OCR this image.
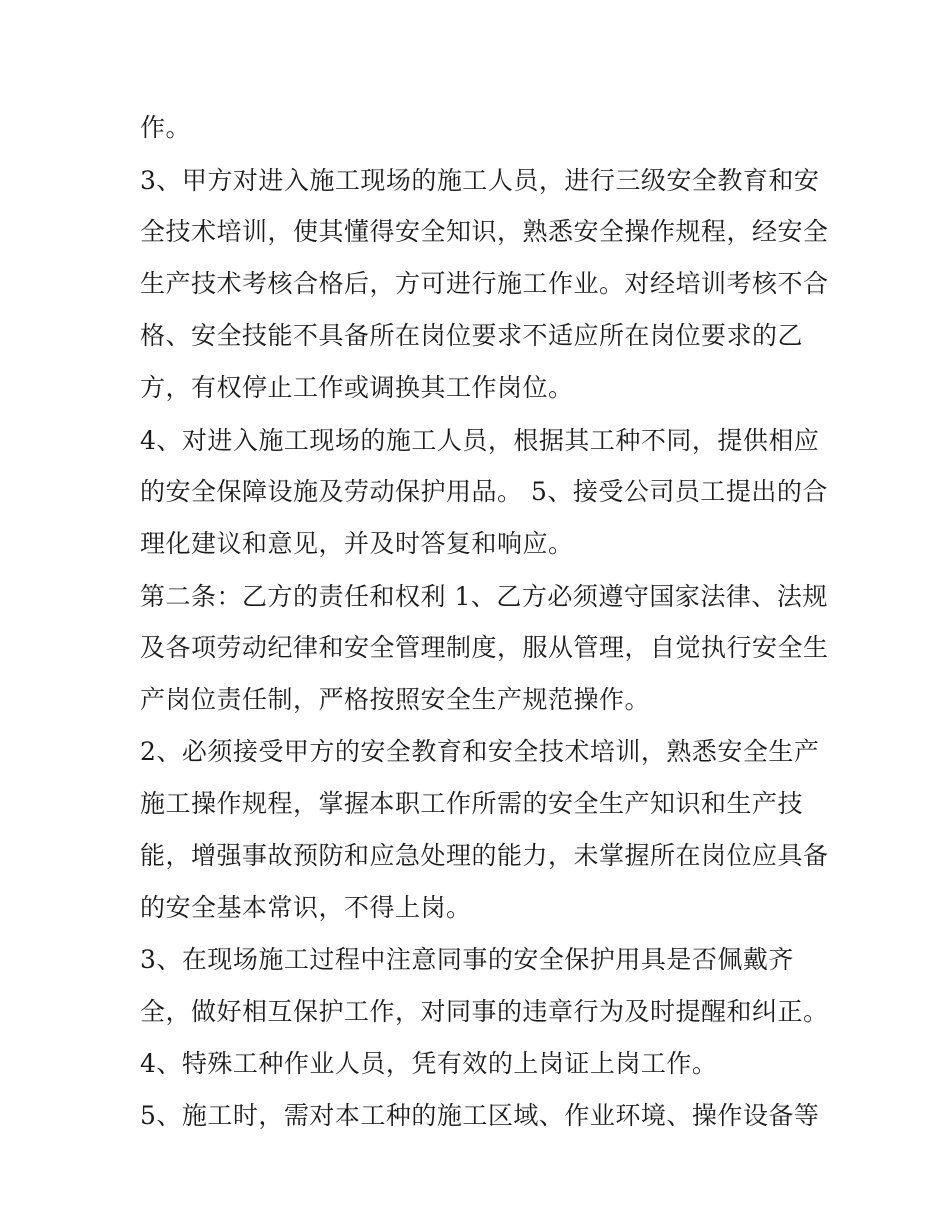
作。
3、甲方对进入施工现场的施工人员，进行三级安全教育和安
全技术培训，使其懂得安全知识，熟悉安全操作规程，经安全
生产技术考核合格后，方可进行施工作业。对经培训考核不合
格、安全技能不具备所在岗位要求不适应所在岗位要求的乙
方，有权停止工作或调换其工作岗位。
4、对进入施工现场的施工人员，根据其工种不同，提供相应
的安全保障设施及劳动保护用品。 5、接受公司员工提出的合
理化建议和意见，并及时答复和响应。
第二条：乙方的责任和权利 1、乙方必须遵守国家法律、法规
及各项劳动纪律和安全管理制度，服从管理，自觉执行安全生
产岗位责任制，严格按照安全生产规范操作。
2、必须接受甲方的安全教育和安全技术培训，熟悉安全生产
施工操作规程，掌握本职工作所需的安全生产知识和生产技
能，增强事故预防和应急处理的能力，未掌握所在岗位应具备
的安全基本常识，不得上岗。
3、在现场施工过程中注意同事的安全保护用具是否佩戴齐
全，做好相互保护工作，对同事的违章行为及时提醒和纠正。
4、特殊工种作业人员，凭有效的上岗证上岗工作。
5、施工时，需对本工种的施工区域、作业环境、操作设备等
